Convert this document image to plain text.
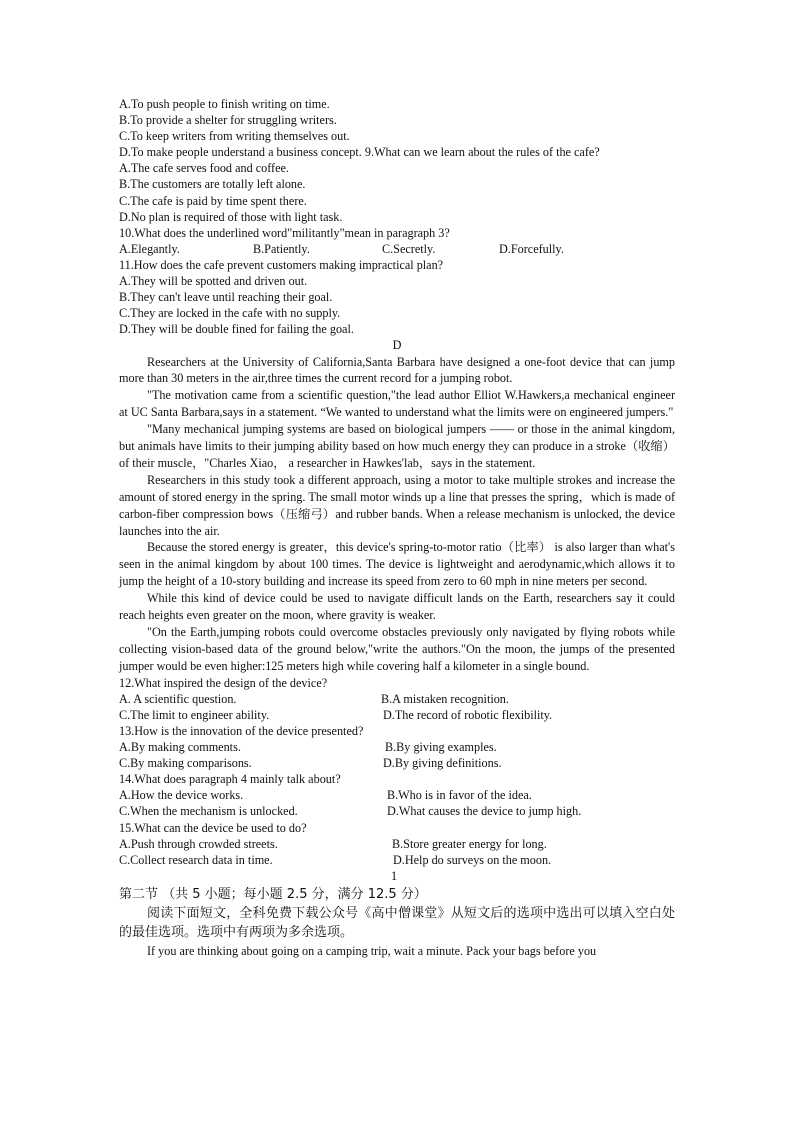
A.To push people to finish writing on time.
B.To provide a shelter for struggling writers.
C.To keep writers from writing themselves out.
D.To make people understand a business concept. 9.What can we learn about the rules of the cafe?
A.The cafe serves food and coffee.
B.The customers are totally left alone.
C.The cafe is paid by time spent there.
D.No plan is required of those with light task.
10.What does the underlined word"militantly"mean in paragraph 3?
A.Elegantly.	B.Patiently.	C.Secretly.	D.Forcefully.
11.How does the cafe prevent customers making impractical plan?
A.They will be spotted and driven out.
B.They can't leave until reaching their goal.
C.They are locked in the cafe with no supply.
D.They will be double fined for failing the goal.
D

Researchers at the University of California,Santa Barbara have designed a one-foot device that can jump more than 30 meters in the air,three times the current record for a jumping robot.

"The motivation came from a scientific question,"the lead author Elliot W.Hawkers,a mechanical engineer at UC Santa Barbara,says in a statement. “We wanted to understand what the limits were on engineered jumpers."

"Many mechanical jumping systems are based on biological jumpers —— or those in the animal kingdom, but animals have limits to their jumping ability based on how much energy they can produce in a stroke（收缩）of their muscle，"Charles Xiao， a researcher in Hawkes'lab，says in the statement.

Researchers in this study took a different approach, using a motor to take multiple strokes and increase the amount of stored energy in the spring. The small motor winds up a line that presses the spring，which is made of carbon-fiber compression bows（压缩弓）and rubber bands. When a release mechanism is unlocked, the device launches into the air.

Because the stored energy is greater，this device's spring-to-motor ratio（比率） is also larger than what's seen in the animal kingdom by about 100 times. The device is lightweight and aerodynamic,which allows it to jump the height of a 10-story building and increase its speed from zero to 60 mph in nine meters per second.

While this kind of device could be used to navigate difficult lands on the Earth, researchers say it could reach heights even greater on the moon, where gravity is weaker.

"On the Earth,jumping robots could overcome obstacles previously only navigated by flying robots while collecting vision-based data of the ground below,"write the authors."On the moon, the jumps of the presented jumper would be even higher:125 meters high while covering half a kilometer in a single bound.

12.What inspired the design of the device?
A. A scientific question.	B.A mistaken recognition.
C.The limit to engineer ability.	D.The record of robotic flexibility.
13.How is the innovation of the device presented?
A.By making comments.	B.By giving examples.
C.By making comparisons.	D.By giving definitions.
14.What does paragraph 4 mainly talk about?
A.How the device works.	B.Who is in favor of the idea.
C.When the mechanism is unlocked.	D.What causes the device to jump high.
15.What can the device be used to do?
A.Push through crowded streets.	B.Store greater energy for long.
C.Collect research data in time.	D.Help do surveys on the moon.
1
第二节 （共 5 小题；每小题 2.5 分，满分 12.5 分）

阅读下面短文，全科免费下载公众号《高中僧课堂》从短文后的选项中选出可以填入空白处的最佳选项。选项中有两项为多余选项。

If you are thinking about going on a camping trip, wait a minute. Pack your bags before you
